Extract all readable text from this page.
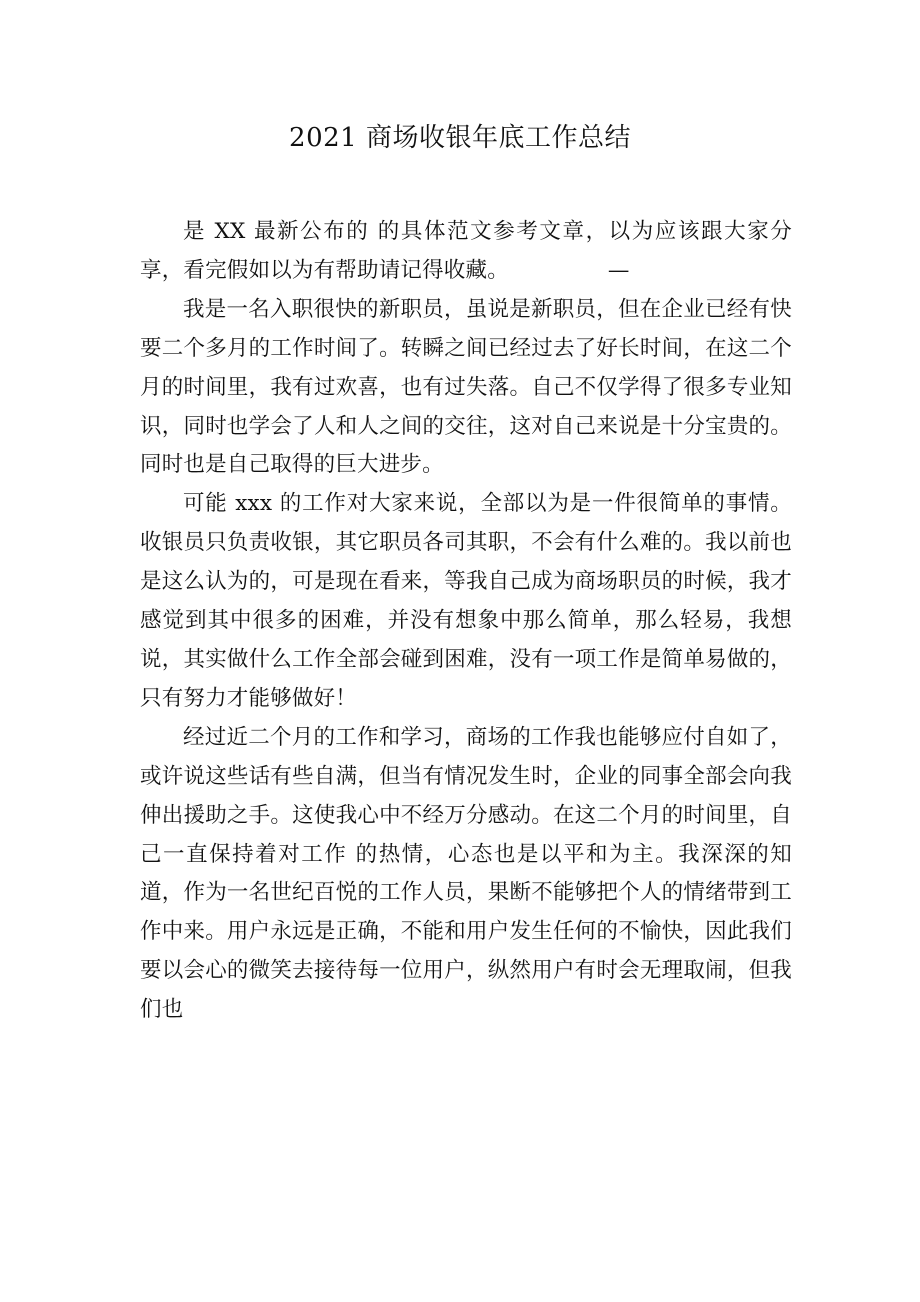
2021 商场收银年底工作总结

是 XX 最新公布的 的具体范文参考文章，以为应该跟大家分享，看完假如以为有帮助请记得收藏。	—

我是一名入职很快的新职员，虽说是新职员，但在企业已经有快要二个多月的工作时间了。转瞬之间已经过去了好长时间，在这二个月的时间里，我有过欢喜，也有过失落。自己不仅学得了很多专业知识，同时也学会了人和人之间的交往，这对自己来说是十分宝贵的。同时也是自己取得的巨大进步。

可能 xxx 的工作对大家来说，全部以为是一件很简单的事情。收银员只负责收银，其它职员各司其职，不会有什么难的。我以前也是这么认为的，可是现在看来，等我自己成为商场职员的时候，我才感觉到其中很多的困难，并没有想象中那么简单，那么轻易，我想说，其实做什么工作全部会碰到困难，没有一项工作是简单易做的，只有努力才能够做好！

经过近二个月的工作和学习，商场的工作我也能够应付自如了，或许说这些话有些自满，但当有情况发生时，企业的同事全部会向我伸出援助之手。这使我心中不经万分感动。在这二个月的时间里，自己一直保持着对工作 的热情，心态也是以平和为主。我深深的知道，作为一名世纪百悦的工作人员，果断不能够把个人的情绪带到工作中来。用户永远是正确，不能和用户发生任何的不愉快，因此我们要以会心的微笑去接待每一位用户，纵然用户有时会无理取闹，但我们也
